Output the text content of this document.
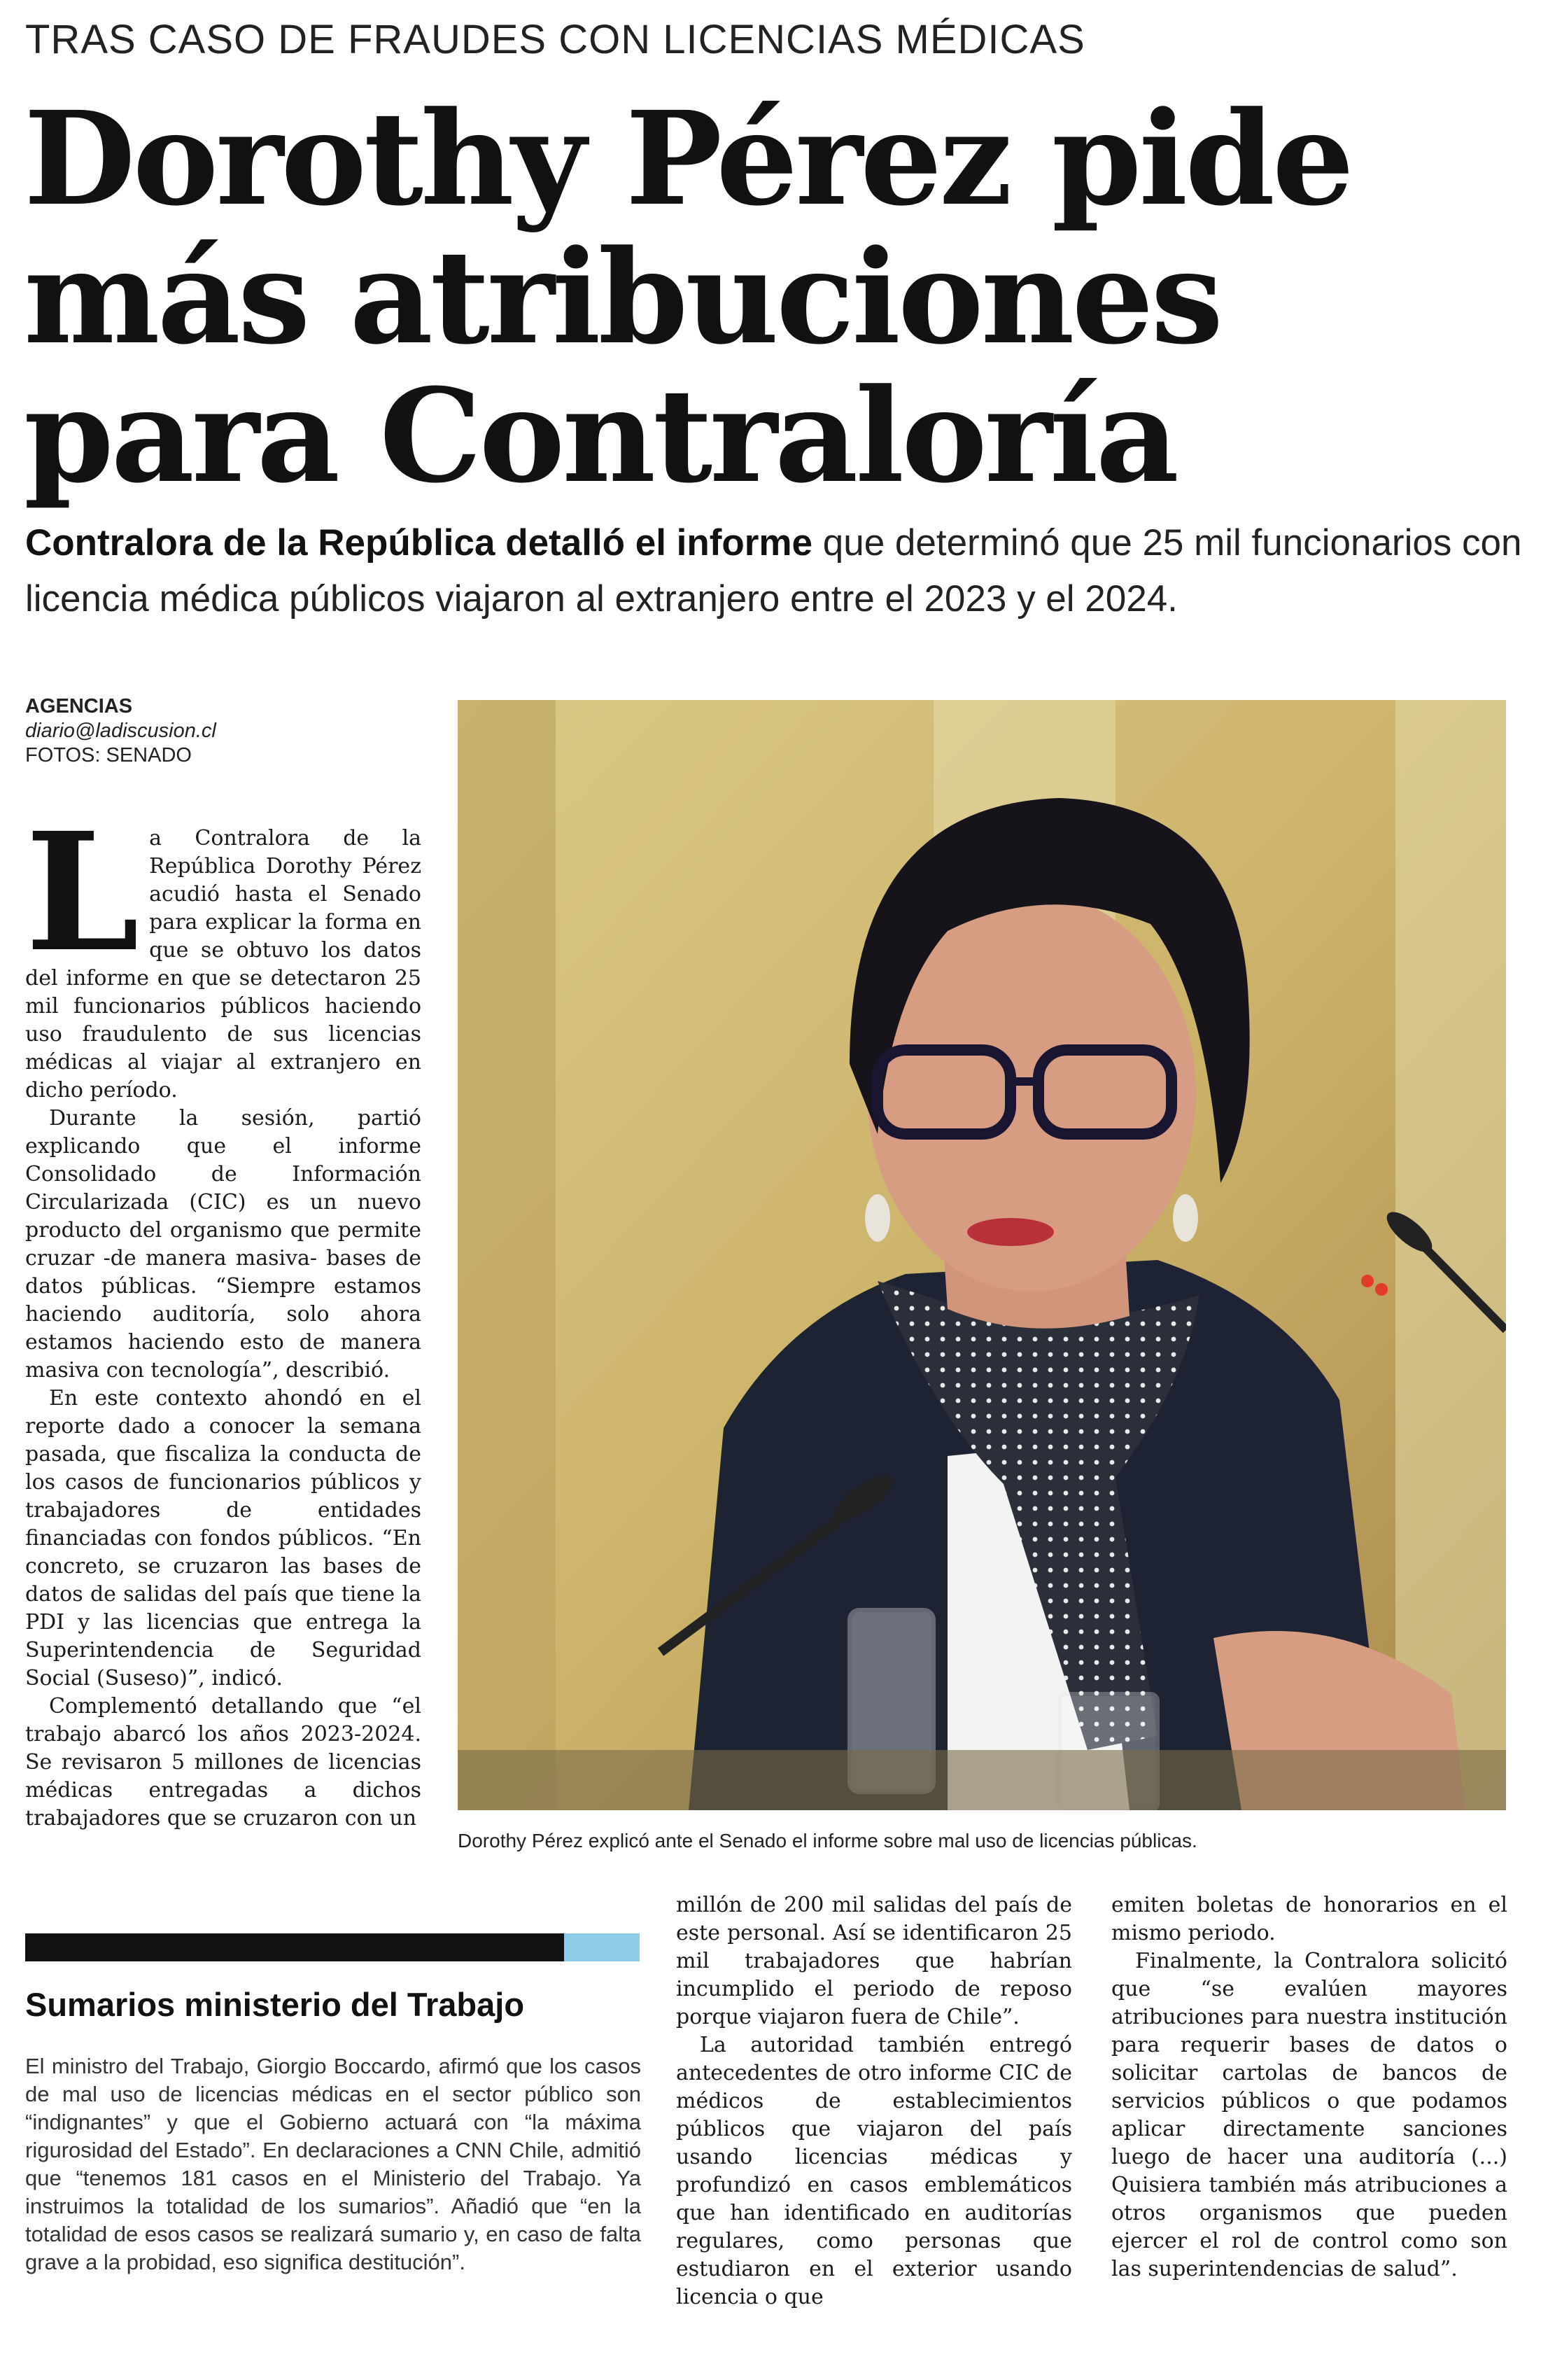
TRAS CASO DE FRAUDES CON LICENCIAS MÉDICAS
Dorothy Pérez pide
más atribuciones
para Contraloría
Contralora de la República detalló el informe que determinó que 25 mil funcionarios con licencia médica públicos viajaron al extranjero entre el 2023 y el 2024.
AGENCIAS
diario@ladiscusion.cl
FOTOS: SENADO

La Contralora de la República Dorothy Pérez acudió hasta el Senado para explicar la forma en que se obtuvo los datos del informe en que se detectaron 25 mil funcionarios públicos haciendo uso fraudulento de sus licencias médicas al viajar al extranjero en dicho período.

Durante la sesión, partió explicando que el informe Consolidado de Información Circularizada (CIC) es un nuevo producto del organismo que permite cruzar -de manera masiva- bases de datos públicas. “Siempre estamos haciendo auditoría, solo ahora estamos haciendo esto de manera masiva con tecnología”, describió.

En este contexto ahondó en el reporte dado a conocer la semana pasada, que fiscaliza la conducta de los casos de funcionarios públicos y trabajadores de entidades financiadas con fondos públicos. “En concreto, se cruzaron las bases de datos de salidas del país que tiene la PDI y las licencias que entrega la Superintendencia de Seguridad Social (Suseso)”, indicó.

Complementó detallando que “el trabajo abarcó los años 2023-2024. Se revisaron 5 millones de licencias médicas entregadas a dichos trabajadores que se cruzaron con un

Dorothy Pérez explicó ante el Senado el informe sobre mal uso de licencias públicas.
Sumarios ministerio del Trabajo

El ministro del Trabajo, Giorgio Boccardo, afirmó que los casos de mal uso de licencias médicas en el sector público son “indignantes” y que el Gobierno actuará con “la máxima rigurosidad del Estado”. En declaraciones a CNN Chile, admitió que “tenemos 181 casos en el Ministerio del Trabajo. Ya instruimos la totalidad de los sumarios”. Añadió que “en la totalidad de esos casos se realizará sumario y, en caso de falta grave a la probidad, eso significa destitución”.

millón de 200 mil salidas del país de este personal. Así se identificaron 25 mil trabajadores que habrían incumplido el periodo de reposo porque viajaron fuera de Chile”.

La autoridad también entregó antecedentes de otro informe CIC de médicos de establecimientos públicos que viajaron del país usando licencias médicas y profundizó en casos emblemáticos que han identificado en auditorías regulares, como personas que estudiaron en el exterior usando licencia o que

emiten boletas de honorarios en el mismo periodo.

Finalmente, la Contralora solicitó que “se evalúen mayores atribuciones para nuestra institución para requerir bases de datos o solicitar cartolas de bancos de servicios públicos o que podamos aplicar directamente sanciones luego de hacer una auditoría (...) Quisiera también más atribuciones a otros organismos que pueden ejercer el rol de control como son las superintendencias de salud”.
